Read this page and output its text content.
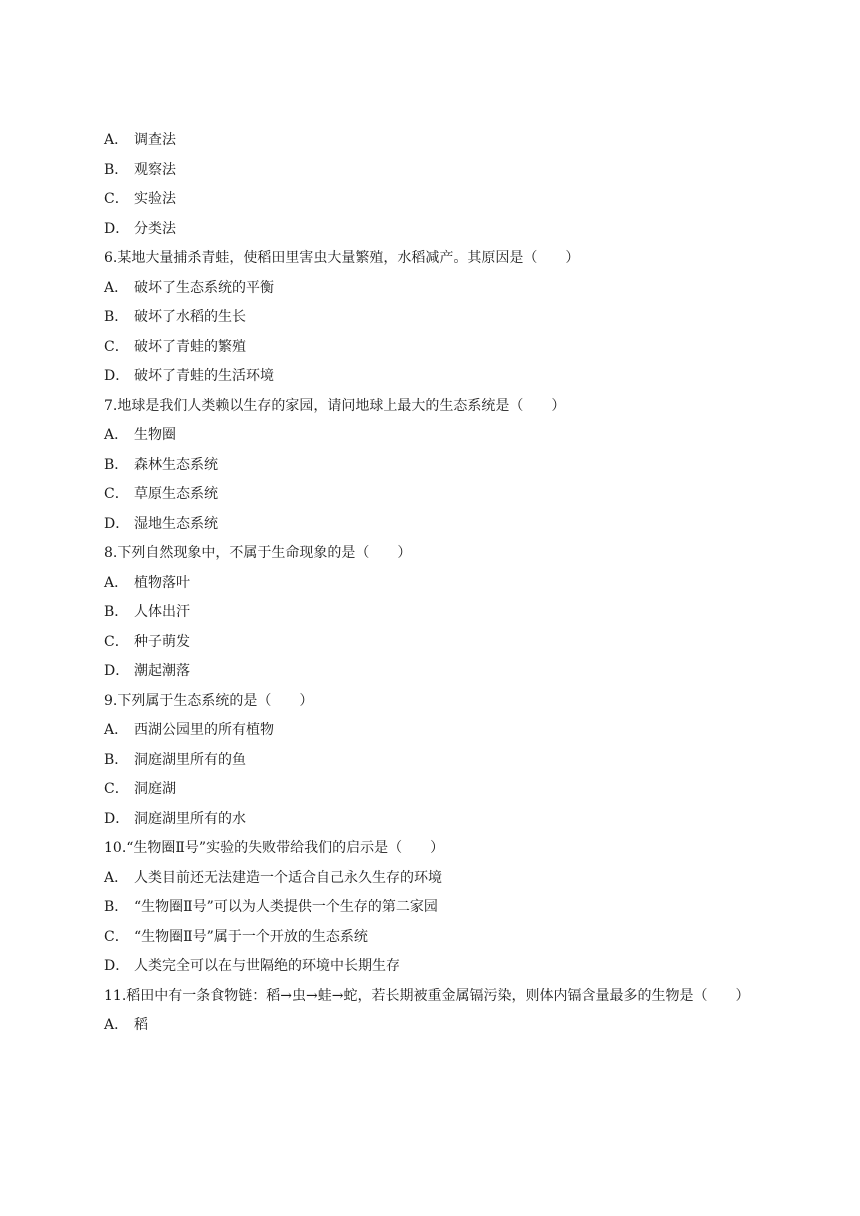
A． 调查法
B． 观察法
C． 实验法
D． 分类法
6.某地大量捕杀青蛙，使稻田里害虫大量繁殖，水稻减产。其原因是（　　）
A． 破坏了生态系统的平衡
B． 破坏了水稻的生长
C． 破坏了青蛙的繁殖
D． 破坏了青蛙的生活环境
7.地球是我们人类赖以生存的家园，请问地球上最大的生态系统是（　　）
A． 生物圈
B． 森林生态系统
C． 草原生态系统
D． 湿地生态系统
8.下列自然现象中，不属于生命现象的是（　　）
A． 植物落叶
B． 人体出汗
C． 种子萌发
D． 潮起潮落
9.下列属于生态系统的是（　　）
A． 西湖公园里的所有植物
B． 洞庭湖里所有的鱼
C． 洞庭湖
D． 洞庭湖里所有的水
10.“生物圈Ⅱ号”实验的失败带给我们的启示是（　　）
A． 人类目前还无法建造一个适合自己永久生存的环境
B． “生物圈Ⅱ号”可以为人类提供一个生存的第二家园
C． “生物圈Ⅱ号”属于一个开放的生态系统
D． 人类完全可以在与世隔绝的环境中长期生存
11.稻田中有一条食物链：稻→虫→蛙→蛇，若长期被重金属镉污染，则体内镉含量最多的生物是（　　）
A． 稻
